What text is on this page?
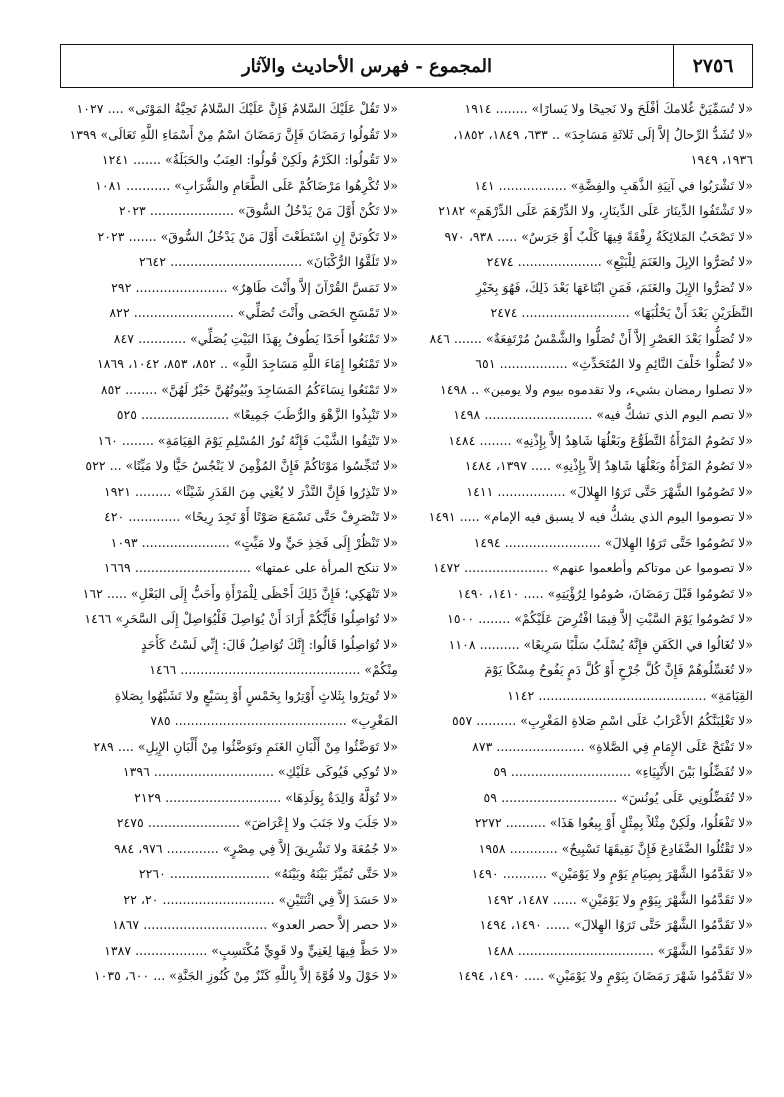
٢٧٥٦
المجموع - فهرس الأحاديث والآثار
«لا تُسَمِّيَنَّ غُلامكَ أفْلَحَ ولا نَجيحًا ولا يَسارًا» ........ ١٩١٤
«لا تُشَدُّ الرِّحالُ إلاَّ إلَى ثَلاثَةِ مَسَاجِدَ» .. ٦٣٣، ١٨٤٩، ١٨٥٢،
١٩٣٦، ١٩٤٩
«لا تَشْرَبُوا في آنِيَةِ الذَّهَبِ والفِضَّةِ» ................. ١٤١
«لا تَشْتَفُوا الدِّينَارَ عَلَى الدِّينَارِ، ولا الدِّرْهَمَ عَلَى الدِّرْهَمِ» ٢١٨٢
«لا تَصْحَبُ المَلائِكَةُ رِفْقَةً فِيهَا كَلْبٌ أَوْ جَرَسٌ» ..... ٩٣٨، ٩٧٠
«لا تُصَرُّوا الإبِلَ والغَنَمَ لِلْبَيْعِ» ..................... ٢٤٧٤
«لا تُصَرُّوا الإِبِلَ والغَنَمَ، فَمَنِ ابْتَاعَهَا بَعْدَ ذَلِكَ، فَهُوَ بِخَيْرِ
النَّظَرَيْنِ بَعْدَ أَنْ يَحْلُبَهَا» ........................... ٢٤٧٤
«لا تُصَلُّوا بَعْدَ العَصْرِ إلاَّ أَنْ تُصَلُّوا والشَّمْسُ مُرْتَفِعَةٌ» ....... ٨٤٦
«لا تُصَلُّوا خَلْفَ النَّائِمِ ولا المُتَحَدِّثِ» ................. ٦٥١
«لا تصلوا رمضان بشيء، ولا تقدموه بيوم ولا يومين» .. ١٤٩٨
«لا تصم اليوم الذي تشكُّ فيه» ........................... ١٤٩٨
«لا تَصُومُ المَرْأَةُ التَّطَوُّعَ وبَعْلُهَا شَاهِدٌ إلاَّ بِإِذْنِهِ» ........ ١٤٨٤
«لا تَصُومُ المَرْأَةُ وبَعْلُهَا شَاهِدٌ إلاَّ بِإِذْنِهِ» ..... ١٣٩٧، ١٤٨٤
«لا تَصُومُوا الشَّهْرَ حَتَّى تَرَوُا الهِلالَ» ................. ١٤١١
«لا تصوموا اليوم الذي يشكُّ فيه لا يسبق فيه الإمام» ..... ١٤٩١
«لا تَصُومُوا حَتَّى تَرَوُا الهِلالَ» ........................ ١٤٩٤
«لا تصوموا عن موتاكم وأطعموا عنهم» ..................... ١٤٧٢
«لا تَصُومُوا قَبْلَ رَمَضَانَ، صُومُوا لِرُؤْيَتِهِ» ..... ١٤١٠، ١٤٩٠
«لا تَصُومُوا يَوْمَ السَّبْتِ إلاَّ فِيمَا افْتُرِضَ عَلَيْكُمْ» ........ ١٥٠٠
«لا تُغَالُوا في الكَفَنِ فإِنَّهُ يُسْلَبُ سَلْبًا سَرِيعًا» .......... ١١٠٨
«لا تُغَسِّلُوهُمْ فَإِنَّ كُلَّ جُرْحٍ أَوْ كُلَّ دَمٍ يَفُوحُ مِسْكًا يَوْمَ
القِيَامَةِ» .......................................... ١١٤٢
«لا تَغْلِبَنَّكُمُ الأَعْرَابُ عَلَى اسْمِ صَلاةِ المَغْرِبِ» .......... ٥٥٧
«لا تَفْتَحْ عَلَى الإِمَامِ فِي الصَّلاةِ» ...................... ٨٧٣
«لا تُفَضِّلُوا بَيْنَ الأَنْبِيَاءِ» .............................. ٥٩
«لا تُفَضِّلُونِي عَلَى يُونُسَ» ............................. ٥٩
«لا تَفْعَلُوا، ولَكِنْ مِثْلاً بِمِثْلٍ أَوْ بِيعُوا هَذَا» .......... ٢٢٧٢
«لا تَقْتُلُوا الضَّفَادِعَ فَإِنَّ نَقِيقَهَا تَسْبِيحٌ» ............ ١٩٥٨
«لا تَقَدَّمُوا الشَّهْرَ بِصِيَامِ يَوْمٍ ولا يَوْمَيْنِ» ........... ١٤٩٠
«لا تَقَدَّمُوا الشَّهْرَ بِيَوْمٍ ولا يَوْمَيْنِ» ...... ١٤٨٧، ١٤٩٢
«لا تَقَدَّمُوا الشَّهْرَ حَتَّى تَرَوُا الهِلالَ» ...... ١٤٩٠، ١٤٩٤
«لا تَقَدَّمُوا الشَّهْرَ» .................................. ١٤٨٨
«لا تَقَدَّمُوا شَهْرَ رَمَضَانَ بِيَوْمٍ ولا يَوْمَيْنِ» ..... ١٤٩٠، ١٤٩٤
«لا تَقُلْ عَلَيْكَ السَّلامُ فَإِنَّ عَلَيْكَ السَّلامُ تَحِيَّةُ المَوْتَى» .... ١٠٢٧
«لا تَقُولُوا رَمَضَانَ فَإِنَّ رَمَضَانَ اسْمٌ مِنْ أَسْمَاءِ اللَّهِ تَعَالَى» ١٣٩٩
«لا تَقُولُوا: الكَرْمُ ولَكِنْ قُولُوا: العِنَبُ والحَبَلَةُ» ....... ١٢٤١
«لا تُكْرِهُوا مَرْضَاكُمْ عَلَى الطَّعَامِ والشَّرَابِ» ........... ١٠٨١
«لا تَكُنْ أَوَّلَ مَنْ يَدْخُلُ السُّوقَ» ..................... ٢٠٢٣
«لا تَكُونَنَّ إِنِ اسْتَطَعْتَ أَوَّلَ مَنْ يَدْخُلُ السُّوقَ» ....... ٢٠٢٣
«لا تَلَقَّوُا الرُّكْبَانَ» ................................. ٢٦٤٢
«لا تَمَسَّ القُرْآنَ إلاَّ وأَنْتَ طَاهِرٌ» ....................... ٢٩٢
«لا تَمْسَحِ الحَصَى وأَنْتَ تُصَلِّي» ......................... ٨٢٢
«لا تَمْنَعُوا أَحَدًا يَطُوفُ بِهَذَا البَيْتِ يُصَلِّي» ............ ٨٤٧
«لا تَمْنَعُوا إِمَاءَ اللَّهِ مَسَاجِدَ اللَّهِ» .. ٨٥٢، ٨٥٣، ١٠٤٢، ١٨٦٩
«لا تَمْنَعُوا نِسَاءَكُمُ المَسَاجِدَ وبُيُوتُهُنَّ خَيْرٌ لَهُنَّ» ........ ٨٥٢
«لا تَنْبِذُوا الزَّهْوَ والرُّطَبَ جَمِيعًا» ...................... ٥٢٥
«لا تَنْتِفُوا الشَّيْبَ فَإِنَّهُ نُورُ المُسْلِمِ يَوْمَ القِيَامَةِ» ........ ١٦٠
«لا تُنَجِّسُوا مَوْتَاكُمْ فَإِنَّ المُؤْمِنَ لا يَنْجُسُ حَيًّا ولا مَيِّتًا» ... ٥٢٢
«لا تَنْذِرُوا فَإِنَّ النَّذْرَ لا يُغْنِي مِنَ القَدَرِ شَيْئًا» ......... ١٩٢١
«لا تَنْصَرِفْ حَتَّى تَسْمَعَ صَوْتًا أَوْ تَجِدَ رِيحًا» ............. ٤٢٠
«لا تَنْظُرْ إِلَى فَخِذِ حَيٍّ ولا مَيِّتٍ» ...................... ١٠٩٣
«لا تنكح المرأة على عمتها» ............................. ١٦٦٩
«لا تَنْهَكِي؛ فَإِنَّ ذَلِكَ أَحْظَى لِلْمَرْأَةِ وأَحَبُّ إِلَى البَعْلِ» ..... ١٦٢
«لا تُوَاصِلُوا فَأَيُّكُمْ أَرَادَ أَنْ يُوَاصِلَ فَلْيُوَاصِلْ إِلَى السَّحَرِ» ١٤٦٦
«لا تُوَاصِلُوا قَالُوا: إِنَّكَ تُوَاصِلُ قَالَ: إِنِّي لَسْتُ كَأَحَدٍ
مِنْكُمْ» ............................................. ١٤٦٦
«لا تُوتِرُوا بِثَلاثٍ أَوْتِرُوا بِخَمْسٍ أَوْ بِسَبْعٍ ولا تَشَبَّهُوا بِصَلاةِ
المَغْرِبِ» ........................................... ٧٨٥
«لا تَوَضَّئُوا مِنْ أَلْبَانِ الغَنَمِ وتَوَضَّئُوا مِنْ أَلْبَانِ الإِبِلِ» .... ٢٨٩
«لا تُوكِي فَيُوكَى عَلَيْكِ» .............................. ١٣٩٦
«لا تُوَلَّهُ وَالِدَةٌ بِوَلَدِهَا» ............................. ٢١٢٩
«لا جَلَبَ ولا جَنَبَ ولا إِعْرَاضَ» ....................... ٢٤٧٥
«لا جُمُعَةَ ولا تَشْرِيقَ إلاَّ فِي مِصْرٍ» ............. ٩٧٦، ٩٨٤
«لا حَتَّى تُمَيِّزَ بَيْنَهُ وبَيْنَهُ» ......................... ٢٢٦٠
«لا حَسَدَ إلاَّ فِي اثْنَتَيْنِ» ............................ ٢٠، ٢٢
«لا حصر إلاَّ حصر العدو» ............................... ١٨٦٧
«لا حَظَّ فِيهَا لِغَنِيٍّ ولا قَوِيٍّ مُكْتَسِبٍ» .................. ١٣٨٧
«لا حَوْلَ ولا قُوَّةَ إلاَّ بِاللَّهِ كَنْزٌ مِنْ كُنُوزِ الجَنَّةِ» ... ٦٠٠، ١٠٣٥
